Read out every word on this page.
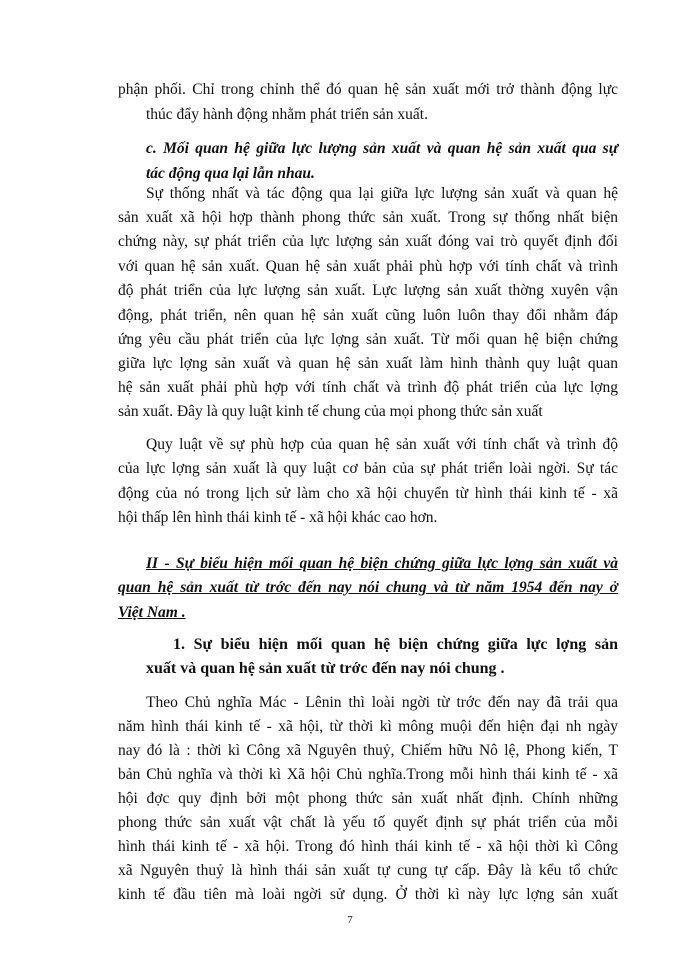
phận phối. Chỉ trong chỉnh thể đó quan hệ sản xuất mới trở thành động lực
thúc đẩy hành động nhằm phát triển sản xuất.
c. Mối quan hệ giữa lực lượng sản xuất và quan hệ sản xuất qua sự
tác động qua lại lẫn nhau.
Sự thống nhất và tác động qua lại giữa lực lượng sản xuất và quan hệ
sản xuất xã hội hợp thành phong thức sản xuất. Trong sự thống nhất biện
chứng này, sự phát triển của lực lượng sản xuất đóng vai trò quyết định đối
với quan hệ sản xuất. Quan hệ sản xuất phải phù hợp với tính chất và trình
độ phát triển của lực lượng sản xuất. Lực lượng sản xuất thờng xuyên vận
động, phát triển, nên quan hệ sản xuất cũng luôn luôn thay đổi nhằm đáp
ứng yêu cầu phát triển của lực lợng sản xuất. Từ mối quan hệ biện chứng
giữa lực lợng sản xuất và quan hệ sản xuất làm hình thành quy luật quan
hệ sản xuất phải phù hợp với tính chất và trình độ phát triển của lực lợng
sản xuất. Đây là quy luật kinh tế chung của mọi phong thức sản xuất
Quy luật về sự phù hợp của quan hệ sản xuất với tính chất và trình độ
của lực lợng sản xuất là quy luật cơ bản của sự phát triển loài ngời. Sự tác
động của nó trong lịch sử làm cho xã hội chuyển từ hình thái kinh tế - xã
hội thấp lên hình thái kinh tế - xã hội khác cao hơn.
II - Sự biểu hiện mối quan hệ biện chứng giữa lực lợng sản xuất và
quan hệ sản xuất từ trớc đến nay nói chung và từ năm 1954 đến nay ở
Việt Nam .
1. Sự biểu hiện mối quan hệ biện chứng giữa lực lợng sản
xuất và quan hệ sản xuất từ trớc đến nay nói chung .
Theo Chủ nghĩa Mác - Lênin thì loài ngời từ trớc đến nay đã trải qua
năm hình thái kinh tế - xã hội, từ thời kì mông muội đến hiện đại nh ngày
nay đó là : thời kì Công xã Nguyên thuỷ, Chiếm hữu Nô lệ, Phong kiến, T
bản Chủ nghĩa và thời kì Xã hội Chủ nghĩa.Trong mỗi hình thái kinh tế - xã
hội đợc quy định bởi một phong thức sản xuất nhất định. Chính những
phong thức sản xuất vật chất là yếu tố quyết định sự phát triển của mỗi
hình thái kinh tế - xã hội. Trong đó hình thái kinh tế - xã hội thời kì Công
xã Nguyên thuỷ là hình thái sản xuất tự cung tự cấp. Đây là kểu tổ chức
kinh tế đầu tiên mà loài ngời sử dụng. Ở thời kì này lực lợng sản xuất
7
